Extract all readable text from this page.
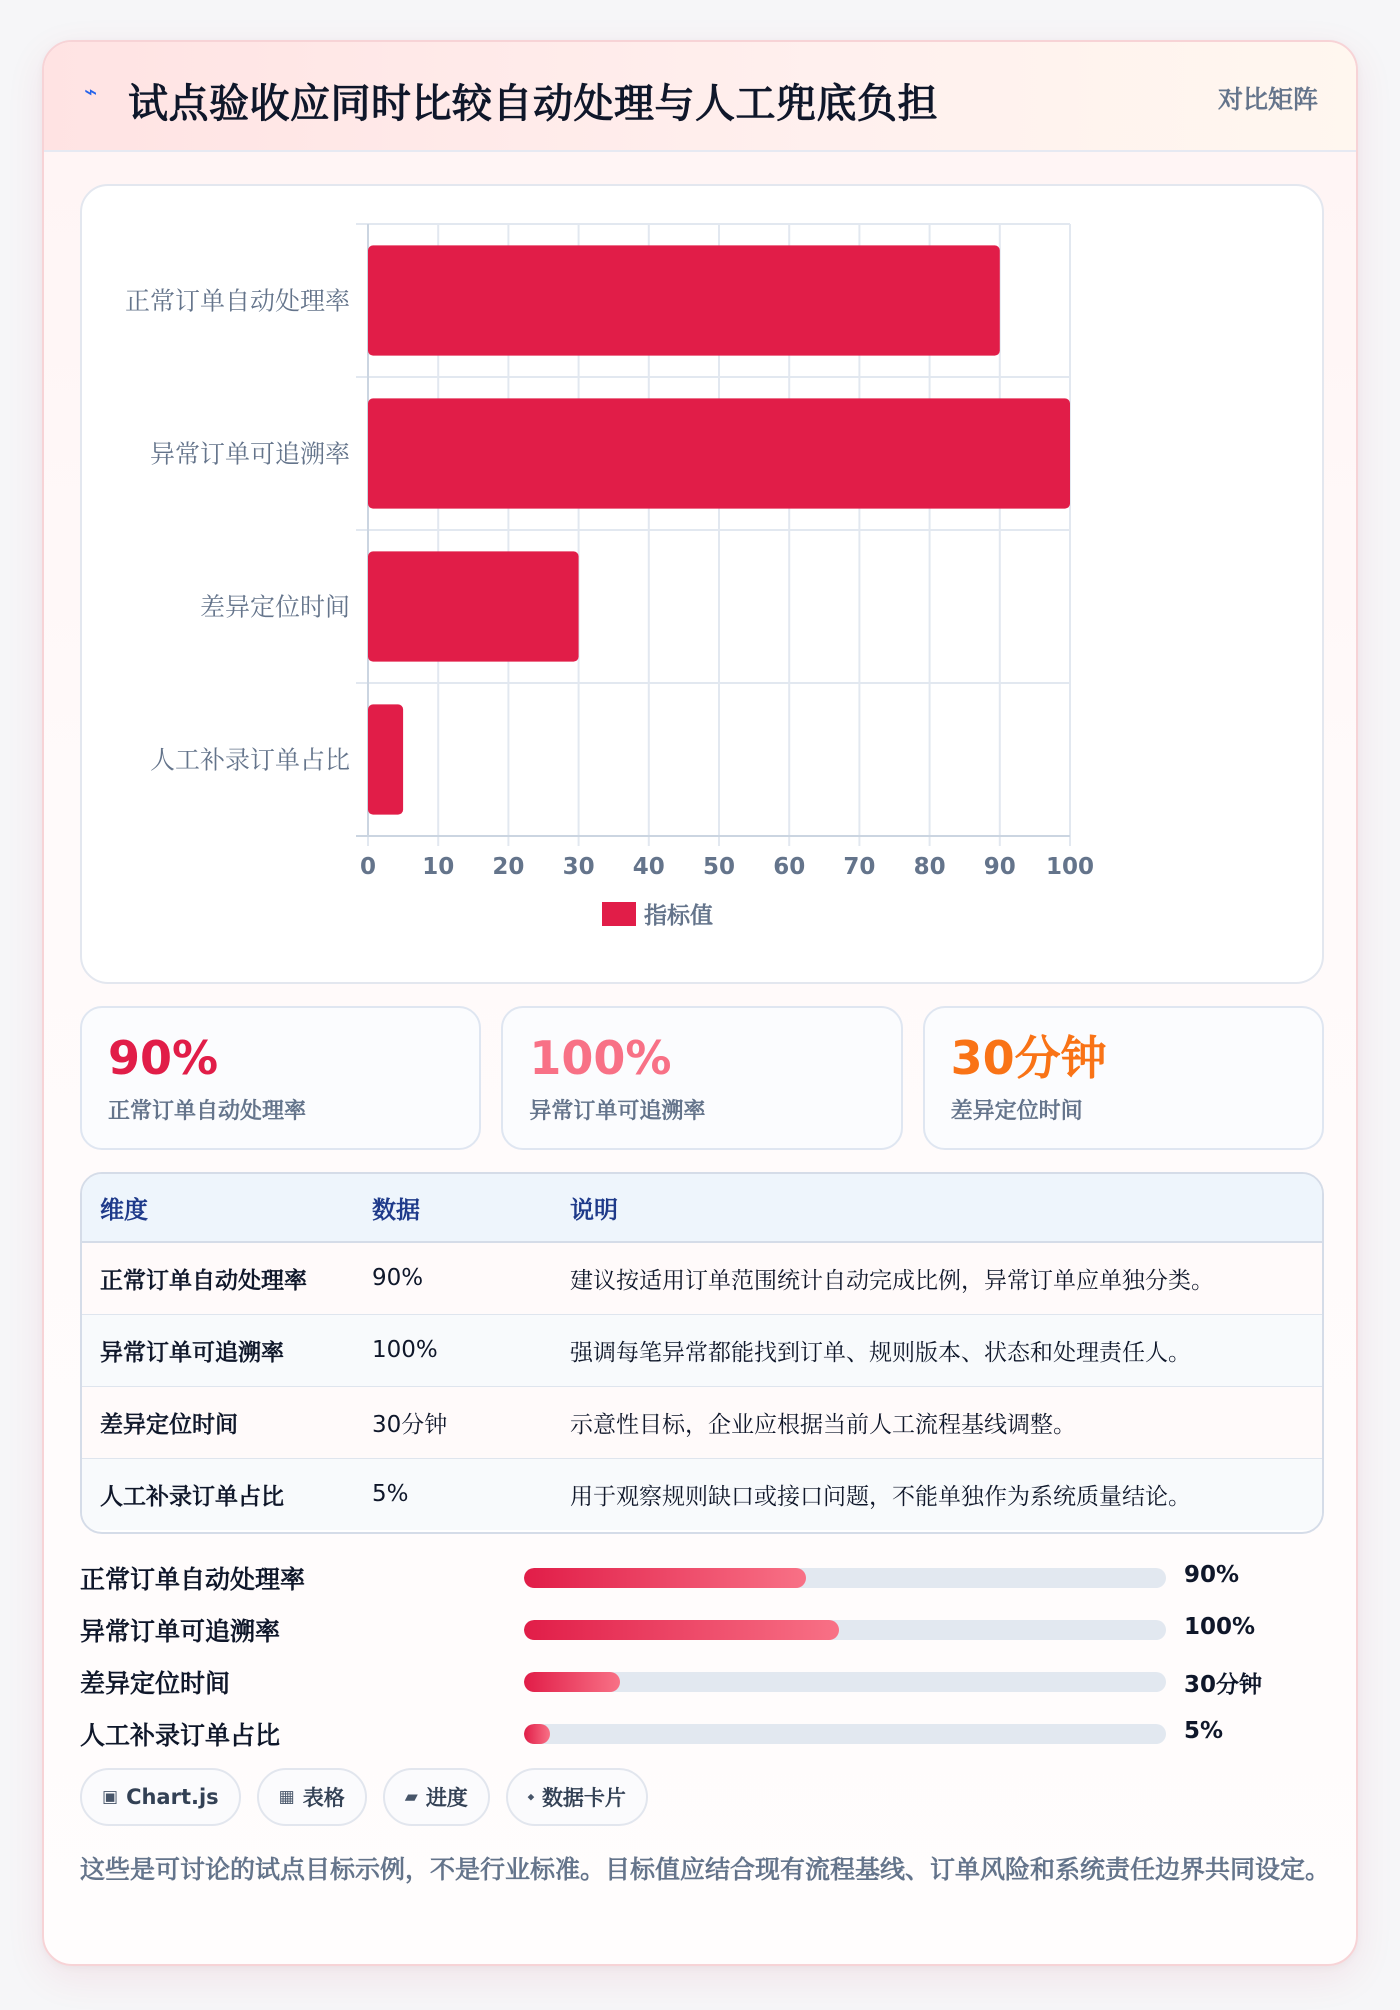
⌁ 试点验收应同时比较自动处理与人工兜底负担	对比矩阵
0 10 20 30 40 50 60 70 80 90 100
正常订单自动处理率
异常订单可追溯率
差异定位时间
人工补录订单占比
指标值
90%
正常订单自动处理率
100%
异常订单可追溯率
30分钟
差异定位时间
维度	数据	说明
正常订单自动处理率	90%	建议按适用订单范围统计自动完成比例，异常订单应单独分类。
异常订单可追溯率	100%	强调每笔异常都能找到订单、规则版本、状态和处理责任人。
差异定位时间	30分钟	示意性目标，企业应根据当前人工流程基线调整。
人工补录订单占比	5%	用于观察规则缺口或接口问题，不能单独作为系统质量结论。
正常订单自动处理率	90%
异常订单可追溯率	100%
差异定位时间	30分钟
人工补录订单占比	5%
▣ Chart.js	▦ 表格	▰ 进度	⬩ 数据卡片
这些是可讨论的试点目标示例，不是行业标准。目标值应结合现有流程基线、订单风险和系统责任边界共同设定。
